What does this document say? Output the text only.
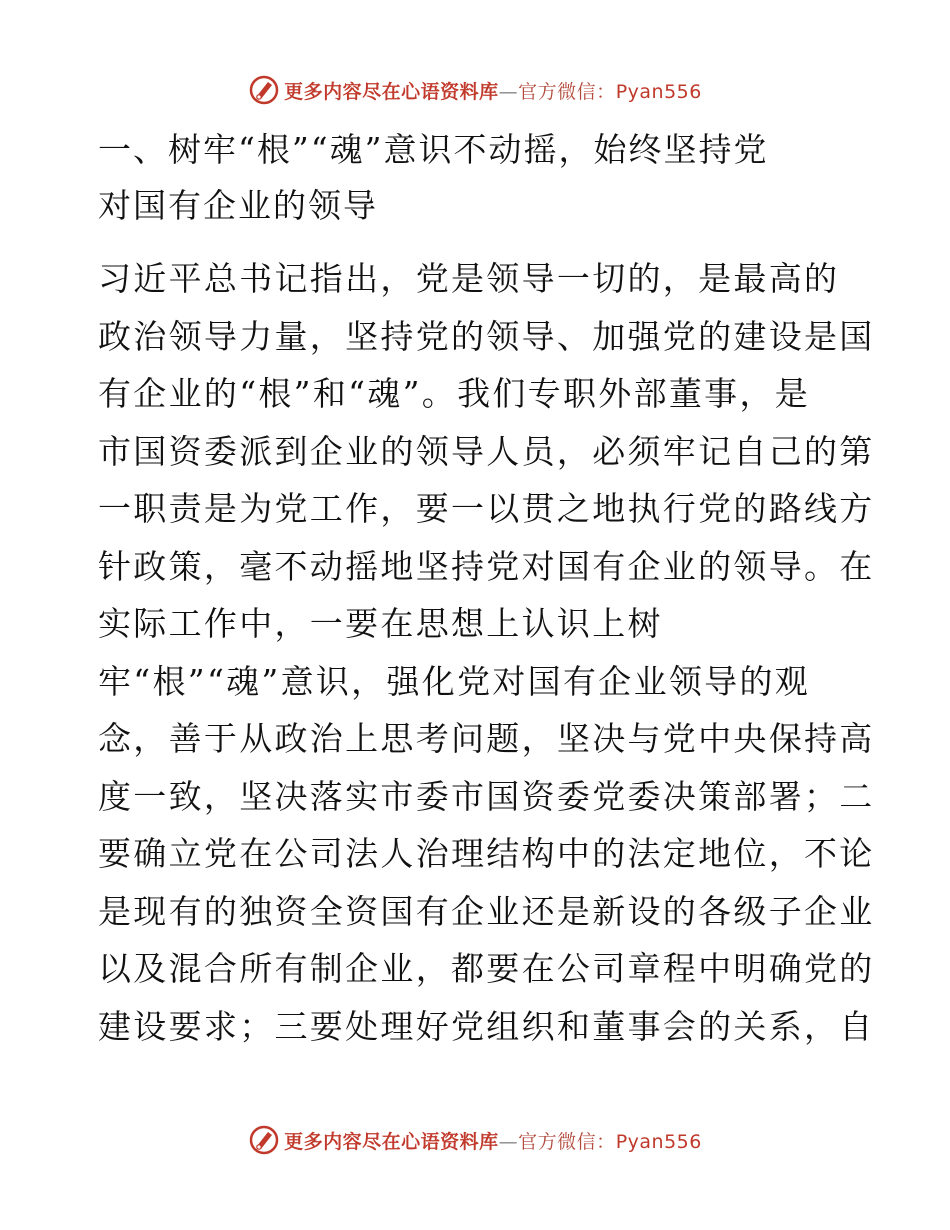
更多内容尽在心语资料库—官方微信：Pyan556
一、树牢“根”“魂”意识不动摇，始终坚持党
对国有企业的领导
习近平总书记指出，党是领导一切的，是最高的
政治领导力量，坚持党的领导、加强党的建设是国
有企业的“根”和“魂”。我们专职外部董事，是
市国资委派到企业的领导人员，必须牢记自己的第
一职责是为党工作，要一以贯之地执行党的路线方
针政策，毫不动摇地坚持党对国有企业的领导。在
实际工作中，一要在思想上认识上树
牢“根”“魂”意识，强化党对国有企业领导的观
念，善于从政治上思考问题，坚决与党中央保持高
度一致，坚决落实市委市国资委党委决策部署；二
要确立党在公司法人治理结构中的法定地位，不论
是现有的独资全资国有企业还是新设的各级子企业
以及混合所有制企业，都要在公司章程中明确党的
建设要求；三要处理好党组织和董事会的关系，自
更多内容尽在心语资料库—官方微信：Pyan556
